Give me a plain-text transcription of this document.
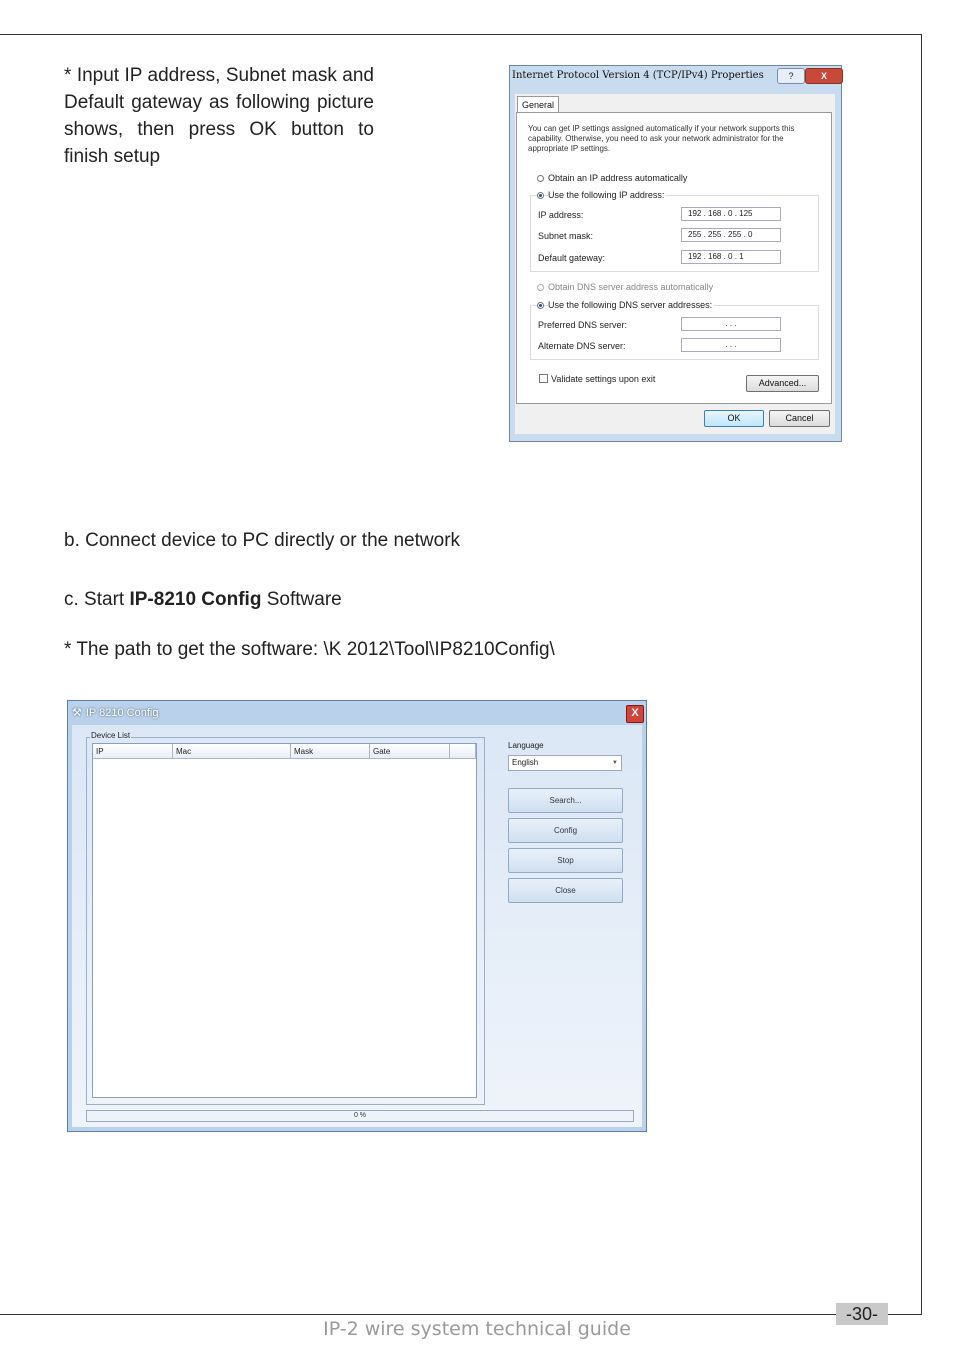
* Input IP address, Subnet mask and Default gateway as following picture shows, then press OK button to finish setup
Internet Protocol Version 4 (TCP/IPv4) Properties	?	X
General
You can get IP settings assigned automatically if your network supports this capability. Otherwise, you need to ask your network administrator for the appropriate IP settings.
Obtain an IP address automatically
Use the following IP address:
IP address:	192 . 168 . 0 . 125
Subnet mask:	255 . 255 . 255 . 0
Default gateway:	192 . 168 . 0 . 1
Obtain DNS server address automatically
Use the following DNS server addresses:
Preferred DNS server:	. . .
Alternate DNS server:	. . .
Validate settings upon exit	Advanced...
OK	Cancel
b. Connect device to PC directly or the network
c. Start IP-8210 Config Software
* The path to get the software: \K 2012\Tool\IP8210Config\
⚒ IP 8210 Config	X
Device List
IP	Mac	Mask	Gate
Language
English	▼
Search...
Config
Stop
Close
0 %
-30-
IP-2 wire system technical guide
